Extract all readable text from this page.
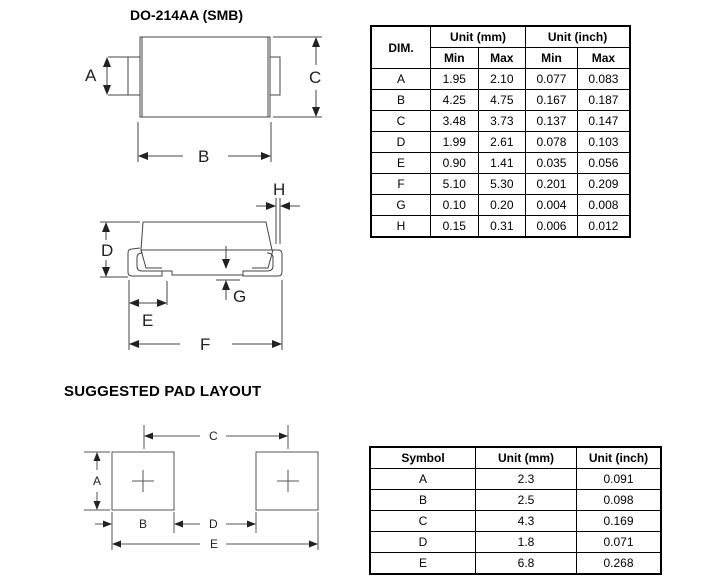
DO-214AA (SMB)
SUGGESTED PAD LAYOUT
A
B
C
D
E
F
G
H
C
A
B	D
E
DIM.	Unit (mm)		Unit (inch)	
	Min	Max	Min	Max
A	1.95	2.10	0.077	0.083
B	4.25	4.75	0.167	0.187
C	3.48	3.73	0.137	0.147
D	1.99	2.61	0.078	0.103
E	0.90	1.41	0.035	0.056
F	5.10	5.30	0.201	0.209
G	0.10	0.20	0.004	0.008
H	0.15	0.31	0.006	0.012
Symbol	Unit (mm)	Unit (inch)
A	2.3	0.091
B	2.5	0.098
C	4.3	0.169
D	1.8	0.071
E	6.8	0.268
